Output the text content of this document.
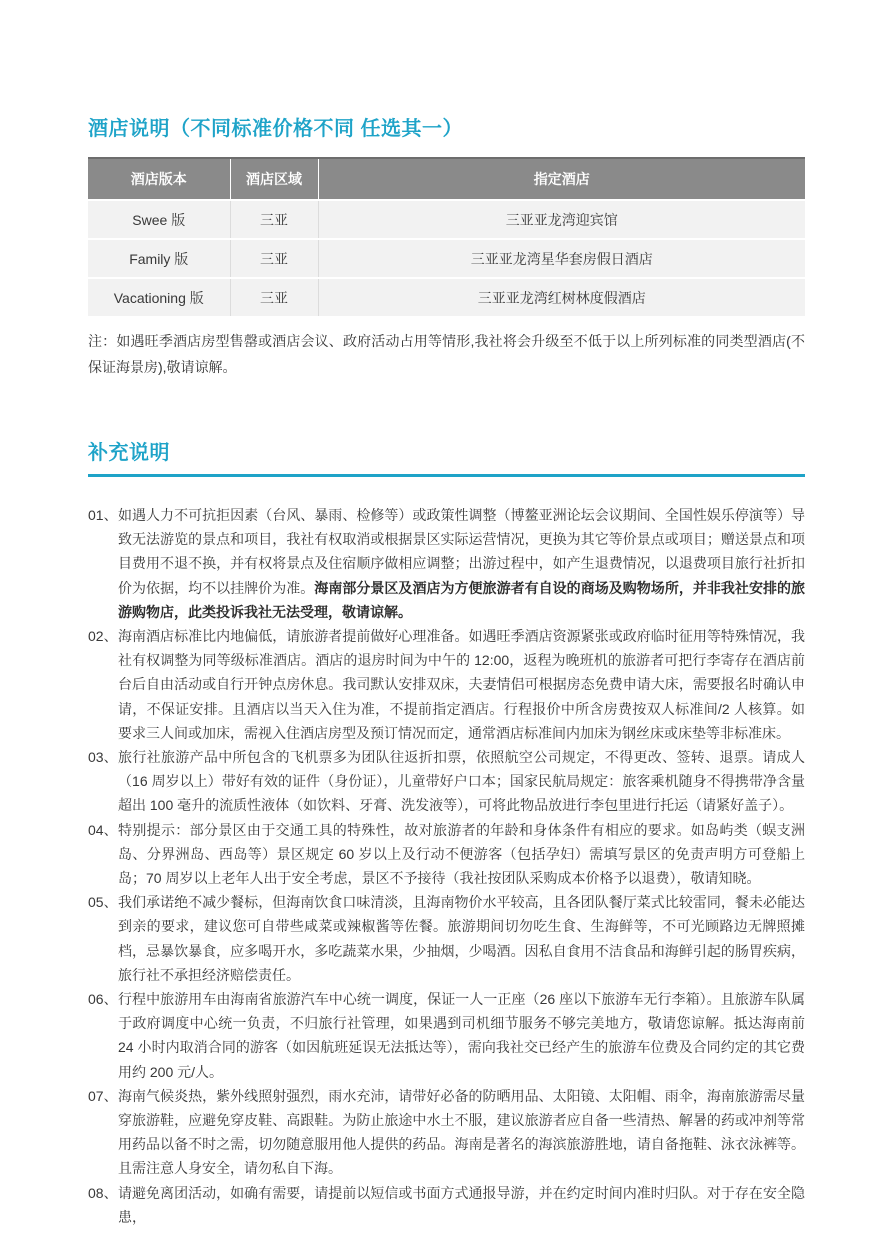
酒店说明（不同标准价格不同 任选其一）
酒店版本	酒店区域	指定酒店
Swee 版	三亚	三亚亚龙湾迎宾馆
Family 版	三亚	三亚亚龙湾星华套房假日酒店
Vacationing 版	三亚	三亚亚龙湾红树林度假酒店
注：如遇旺季酒店房型售罄或酒店会议、政府活动占用等情形,我社将会升级至不低于以上所列标准的同类型酒店(不保证海景房),敬请谅解。
补充说明
01、 如遇人力不可抗拒因素（台风、暴雨、检修等）或政策性调整（博鳌亚洲论坛会议期间、全国性娱乐停演等）导致无法游览的景点和项目，我社有权取消或根据景区实际运营情况，更换为其它等价景点或项目；赠送景点和项目费用不退不换，并有权将景点及住宿顺序做相应调整；出游过程中，如产生退费情况，以退费项目旅行社折扣价为依据，均不以挂牌价为准。海南部分景区及酒店为方便旅游者有自设的商场及购物场所，并非我社安排的旅游购物店，此类投诉我社无法受理，敬请谅解。
02、 海南酒店标准比内地偏低，请旅游者提前做好心理准备。如遇旺季酒店资源紧张或政府临时征用等特殊情况，我社有权调整为同等级标准酒店。酒店的退房时间为中午的 12:00，返程为晚班机的旅游者可把行李寄存在酒店前台后自由活动或自行开钟点房休息。我司默认安排双床，夫妻情侣可根据房态免费申请大床，需要报名时确认申请，不保证安排。且酒店以当天入住为准，不提前指定酒店。行程报价中所含房费按双人标准间/2 人核算。如要求三人间或加床，需视入住酒店房型及预订情况而定，通常酒店标准间内加床为钢丝床或床垫等非标准床。
03、 旅行社旅游产品中所包含的飞机票多为团队往返折扣票，依照航空公司规定，不得更改、签转、退票。请成人（16 周岁以上）带好有效的证件（身份证），儿童带好户口本；国家民航局规定：旅客乘机随身不得携带净含量超出 100 毫升的流质性液体（如饮料、牙膏、洗发液等），可将此物品放进行李包里进行托运（请紧好盖子）。
04、 特别提示：部分景区由于交通工具的特殊性，故对旅游者的年龄和身体条件有相应的要求。如岛屿类（蜈支洲岛、分界洲岛、西岛等）景区规定 60 岁以上及行动不便游客（包括孕妇）需填写景区的免责声明方可登船上岛；70 周岁以上老年人出于安全考虑，景区不予接待（我社按团队采购成本价格予以退费），敬请知晓。
05、 我们承诺绝不减少餐标，但海南饮食口味清淡，且海南物价水平较高，且各团队餐厅菜式比较雷同，餐未必能达到亲的要求，建议您可自带些咸菜或辣椒酱等佐餐。旅游期间切勿吃生食、生海鲜等，不可光顾路边无牌照摊档，忌暴饮暴食，应多喝开水，多吃蔬菜水果，少抽烟，少喝酒。因私自食用不洁食品和海鲜引起的肠胃疾病，旅行社不承担经济赔偿责任。
06、 行程中旅游用车由海南省旅游汽车中心统一调度，保证一人一正座（26 座以下旅游车无行李箱）。且旅游车队属于政府调度中心统一负责，不归旅行社管理，如果遇到司机细节服务不够完美地方，敬请您谅解。抵达海南前 24 小时内取消合同的游客（如因航班延误无法抵达等），需向我社交已经产生的旅游车位费及合同约定的其它费用约 200 元/人。
07、 海南气候炎热，紫外线照射强烈，雨水充沛，请带好必备的防晒用品、太阳镜、太阳帽、雨伞，海南旅游需尽量穿旅游鞋，应避免穿皮鞋、高跟鞋。为防止旅途中水土不服，建议旅游者应自备一些清热、解暑的药或冲剂等常用药品以备不时之需，切勿随意服用他人提供的药品。海南是著名的海滨旅游胜地，请自备拖鞋、泳衣泳裤等。且需注意人身安全，请勿私自下海。
08、 请避免离团活动，如确有需要，请提前以短信或书面方式通报导游，并在约定时间内准时归队。对于存在安全隐患，
